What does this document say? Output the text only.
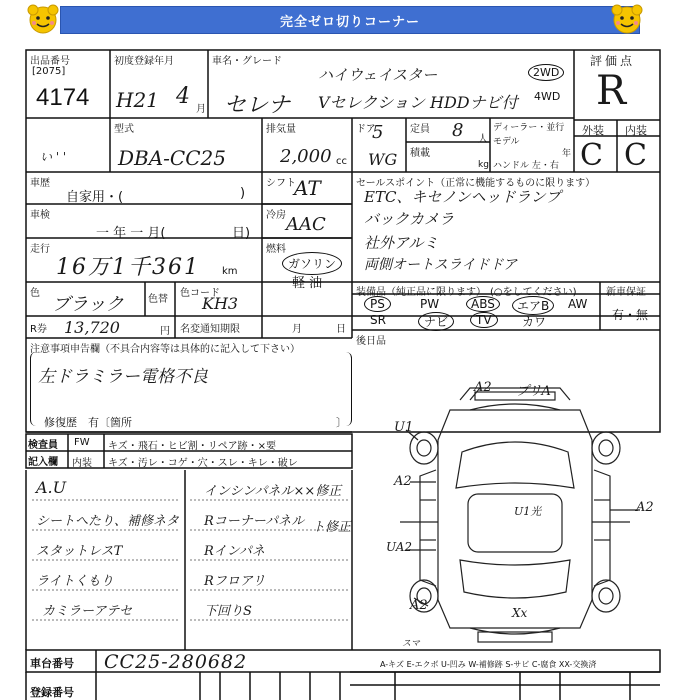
完全ゼロ切りコーナー
出品番号
[2075]
4174
い ' '
初度登録年月
H21 4
月
車名・グレード
ハイウェイスター
セレナ Vセレクション HDDナビ付
2WD
4WD
評価点
R
外装 内装
C C
型式
DBA-CC25
排気量
2,000 cc
ドア
5
WG
定員 8 人
積載
kg
ディーラー・並行
モデル
年
ハンドル 左・右
車歴
自家用・(	)
シフト
AT
車検
一 年 一 月(	日)
冷房 AAC
走行
16万1千361 km
燃料
ガソリン
軽 油
色
ブラック 色替
色コード
KH3
R券 13,720	円 名変通知期限	月	日
セールスポイント（正常に機能するものに限ります）
ETC、キセノンヘッドランプ
バックカメラ
社外アルミ
両側オートスライドドア
装備品（純正品に限ります） (○をしてください)	新車保証
PS	PW	ABS	エアB	AW
SR	ナビ	TV	カワ	有・無
後日品
注意事項申告欄（不具合内容等は具体的に記入して下さい）
左ドラミラー電格不良
修復歴　有〔箇所	〕
検査員
記入欄
FW キズ・飛石・ヒビ割・リペア跡・×要
内装 キズ・汚レ・コゲ・穴・スレ・キレ・破レ
A.U
シートへたり、補修ネタ
スタットレスT
ライトくもり
カミラーアテセ
インシンパネル××修正
Rコーナーパネル ト修正
Rインパネ
Rフロアリ
下回りS
A2 プリA
U1
A2
U1光	A2
UA2
A2
スマ
Xx
A-キズ E-エクボ U-凹み W-補修跡 S-サビ C-腐食 XX-交換済
車台番号 CC25-280682
登録番号
